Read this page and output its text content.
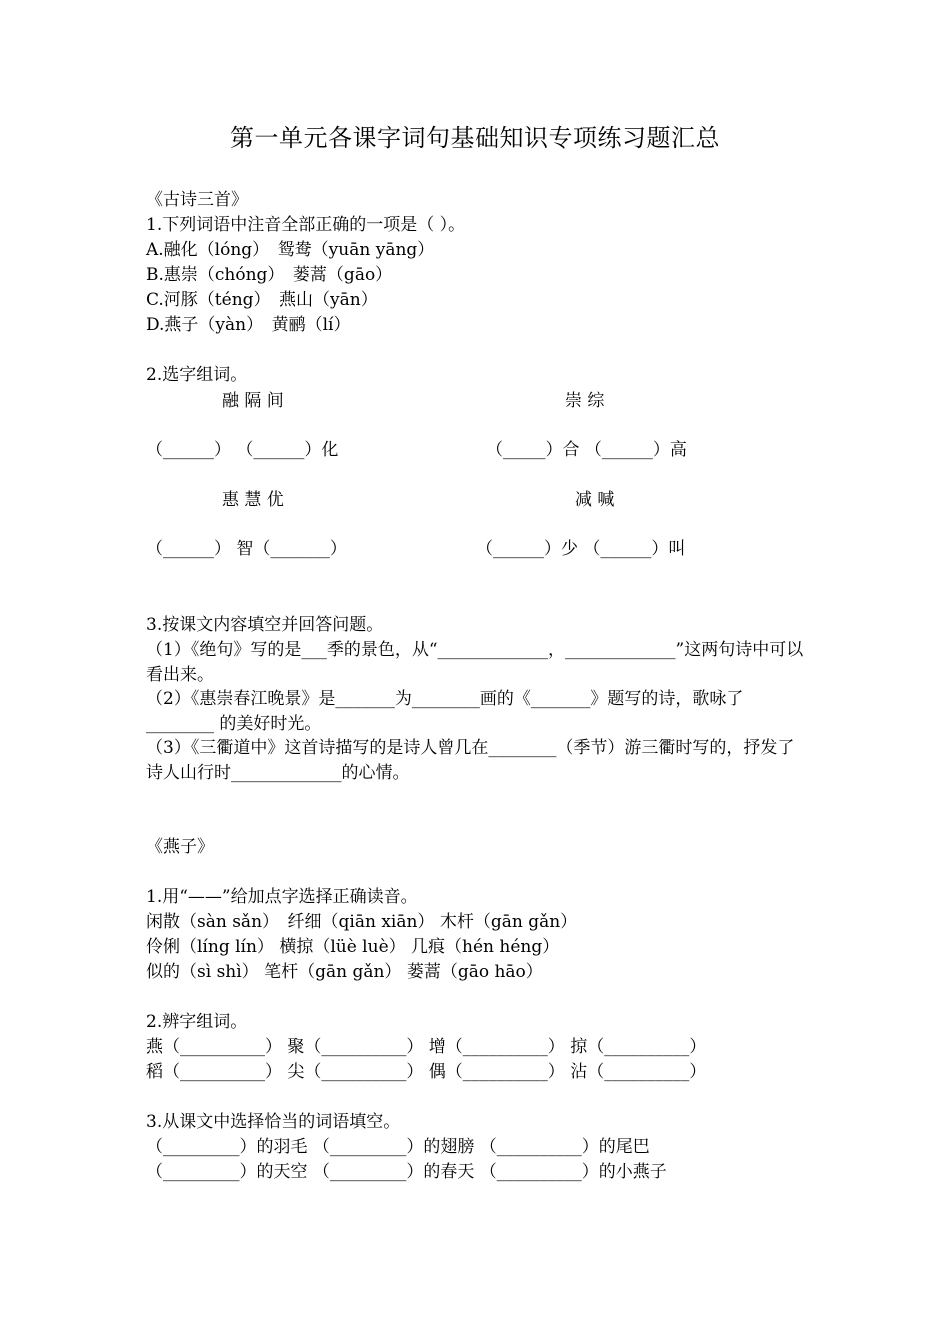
第一单元各课字词句基础知识专项练习题汇总
《古诗三首》
1.下列词语中注音全部正确的一项是（ ）。
A.融化（lóng）　鸳鸯（yuān yāng）
B.惠崇（chóng）　蒌蒿（gāo）
C.河豚（téng）　燕山（yān）
D.燕子（yàn）　黄鹂（lí）
2.选字组词。
融 隔 间	崇 综
（______） （______）化	（_____）合 （______）高
惠 慧 优	减 喊
（______） 智（_______）	（______）少 （______）叫
3.按课文内容填空并回答问题。
（1）《绝句》写的是___季的景色，从“_____________，_____________”这两句诗中可以看出来。
（2）《惠崇春江晚景》是_______为________画的《_______》题写的诗，歌咏了________ 的美好时光。
（3）《三衢道中》这首诗描写的是诗人曾几在________（季节）游三衢时写的，抒发了诗人山行时_____________的心情。
《燕子》
1.用“——”给加点字选择正确读音。
闲散（sàn sǎn）　纤细（qiān xiān） 木杆（gān gǎn）
伶俐（líng lín） 横掠（lüè luè） 几痕（hén héng）
似的（sì shì） 笔杆（gān gǎn） 蒌蒿（gāo hāo）
2.辨字组词。
燕（__________） 聚（__________） 增（__________） 掠（__________）
稻（__________） 尖（__________） 偶（__________） 沾（__________）
3.从课文中选择恰当的词语填空。
（_________）的羽毛 （_________）的翅膀 （__________）的尾巴
（_________）的天空 （_________）的春天 （__________）的小燕子
